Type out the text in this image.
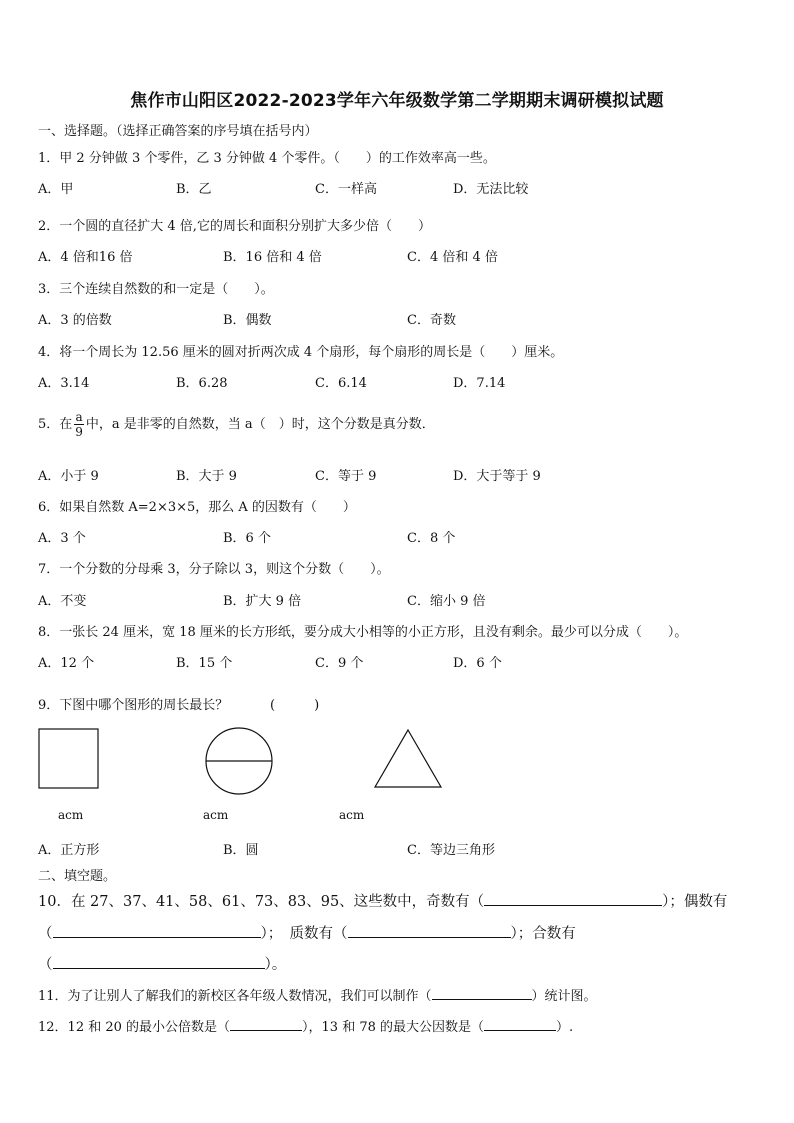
焦作市山阳区2022-2023学年六年级数学第二学期期末调研模拟试题
一、选择题。（选择正确答案的序号填在括号内）
1．甲 2 分钟做 3 个零件，乙 3 分钟做 4 个零件。（　　）的工作效率高一些。
A．甲	B．乙	C．一样高	D．无法比较
2．一个圆的直径扩大 4 倍,它的周长和面积分别扩大多少倍（　　）
A．4 倍和16 倍	B．16 倍和 4 倍	C．4 倍和 4 倍
3．三个连续自然数的和一定是（　　）。
A．3 的倍数	B．偶数	C．奇数
4．将一个周长为 12.56 厘米的圆对折两次成 4 个扇形，每个扇形的周长是（　　）厘米。
A．3.14	B．6.28	C．6.14	D．7.14
5．在 $\frac{a}{9}$ 中，a 是非零的自然数，当 a（　）时，这个分数是真分数．
A．小于 9	B．大于 9	C．等于 9	D．大于等于 9
6．如果自然数 A=2×3×5，那么 A 的因数有（　　）
A．3 个	B．6 个	C．8 个
7．一个分数的分母乘 3，分子除以 3，则这个分数（　　）。
A．不变	B．扩大 9 倍	C．缩小 9 倍
8．一张长 24 厘米，宽 18 厘米的长方形纸，要分成大小相等的小正方形，且没有剩余。最少可以分成（　　）。
A．12 个	B．15 个	C．9 个	D．6 个
9．下图中哪个图形的周长最长？	(　　　)
acm	acm	acm
A．正方形	B．圆	C．等边三角形
二、填空题。
10．在 27、37、41、58、61、73、83、95、这些数中，奇数有（	）；偶数有
（	）；　质数有（	）；合数有
（	）。
11．为了让别人了解我们的新校区各年级人数情况，我们可以制作（	）统计图。
12．12 和 20 的最小公倍数是（	），13 和 78 的最大公因数是（	）.
